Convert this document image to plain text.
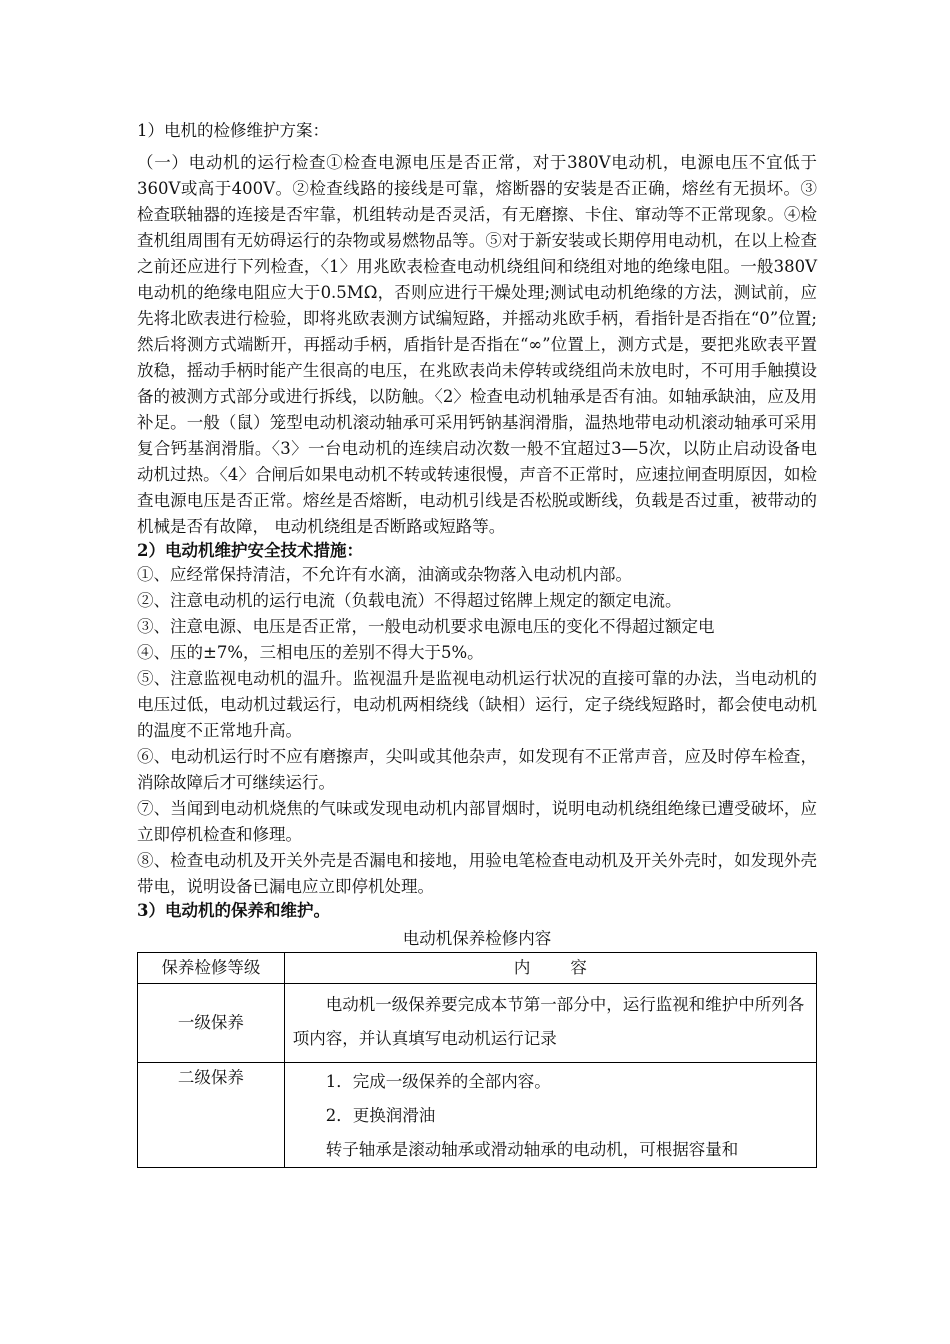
1）电机的检修维护方案：

（一）电动机的运行检查①检查电源电压是否正常，对于380V电动机，电源电压不宜低于360V或高于400V。②检查线路的接线是可靠，熔断器的安装是否正确，熔丝有无损坏。③检查联轴器的连接是否牢靠，机组转动是否灵活，有无磨擦、卡住、窜动等不正常现象。④检查机组周围有无妨碍运行的杂物或易燃物品等。⑤对于新安装或长期停用电动机，在以上检查之前还应进行下列检查，〈1〉用兆欧表检查电动机绕组间和绕组对地的绝缘电阻。一般380V电动机的绝缘电阻应大于0.5MΩ，否则应进行干燥处理;测试电动机绝缘的方法，测试前，应先将北欧表进行检验，即将兆欧表测方试编短路，并摇动兆欧手柄，看指针是否指在“0”位置;然后将测方式端断开，再摇动手柄，盾指针是否指在“∞”位置上，测方式是，要把兆欧表平置放稳，摇动手柄时能产生很高的电压，在兆欧表尚未停转或绕组尚未放电时，不可用手触摸设备的被测方式部分或进行拆线，以防触。〈2〉检查电动机轴承是否有油。如轴承缺油，应及用补足。一般（鼠）笼型电动机滚动轴承可采用钙钠基润滑脂，温热地带电动机滚动轴承可采用复合钙基润滑脂。〈3〉一台电动机的连续启动次数一般不宜超过3—5次，以防止启动设备电动机过热。〈4〉合闸后如果电动机不转或转速很慢，声音不正常时，应速拉闸查明原因，如检查电源电压是否正常。熔丝是否熔断，电动机引线是否松脱或断线，负载是否过重，被带动的机械是否有故障， 电动机绕组是否断路或短路等。

2）电动机维护安全技术措施：

①、应经常保持清洁，不允许有水滴，油滴或杂物落入电动机内部。

②、注意电动机的运行电流（负载电流）不得超过铭牌上规定的额定电流。

③、注意电源、电压是否正常，一般电动机要求电源电压的变化不得超过额定电

④、压的±7%，三相电压的差别不得大于5%。

⑤、注意监视电动机的温升。监视温升是监视电动机运行状况的直接可靠的办法，当电动机的电压过低，电动机过载运行，电动机两相绕线（缺相）运行，定子绕线短路时，都会使电动机的温度不正常地升高。

⑥、电动机运行时不应有磨擦声，尖叫或其他杂声，如发现有不正常声音，应及时停车检查，消除故障后才可继续运行。

⑦、当闻到电动机烧焦的气味或发现电动机内部冒烟时，说明电动机绕组绝缘已遭受破坏，应立即停机检查和修理。

⑧、检查电动机及开关外壳是否漏电和接地，用验电笔检查电动机及开关外壳时，如发现外壳带电，说明设备已漏电应立即停机处理。

3）电动机的保养和维护。

电动机保养检修内容

保养检修等级	内 容
一级保养	电动机一级保养要完成本节第一部分中，运行监视和维护中所列各项内容，并认真填写电动机运行记录
二级保养	1．完成一级保养的全部内容。
2．更换润滑油
转子轴承是滚动轴承或滑动轴承的电动机，可根据容量和
